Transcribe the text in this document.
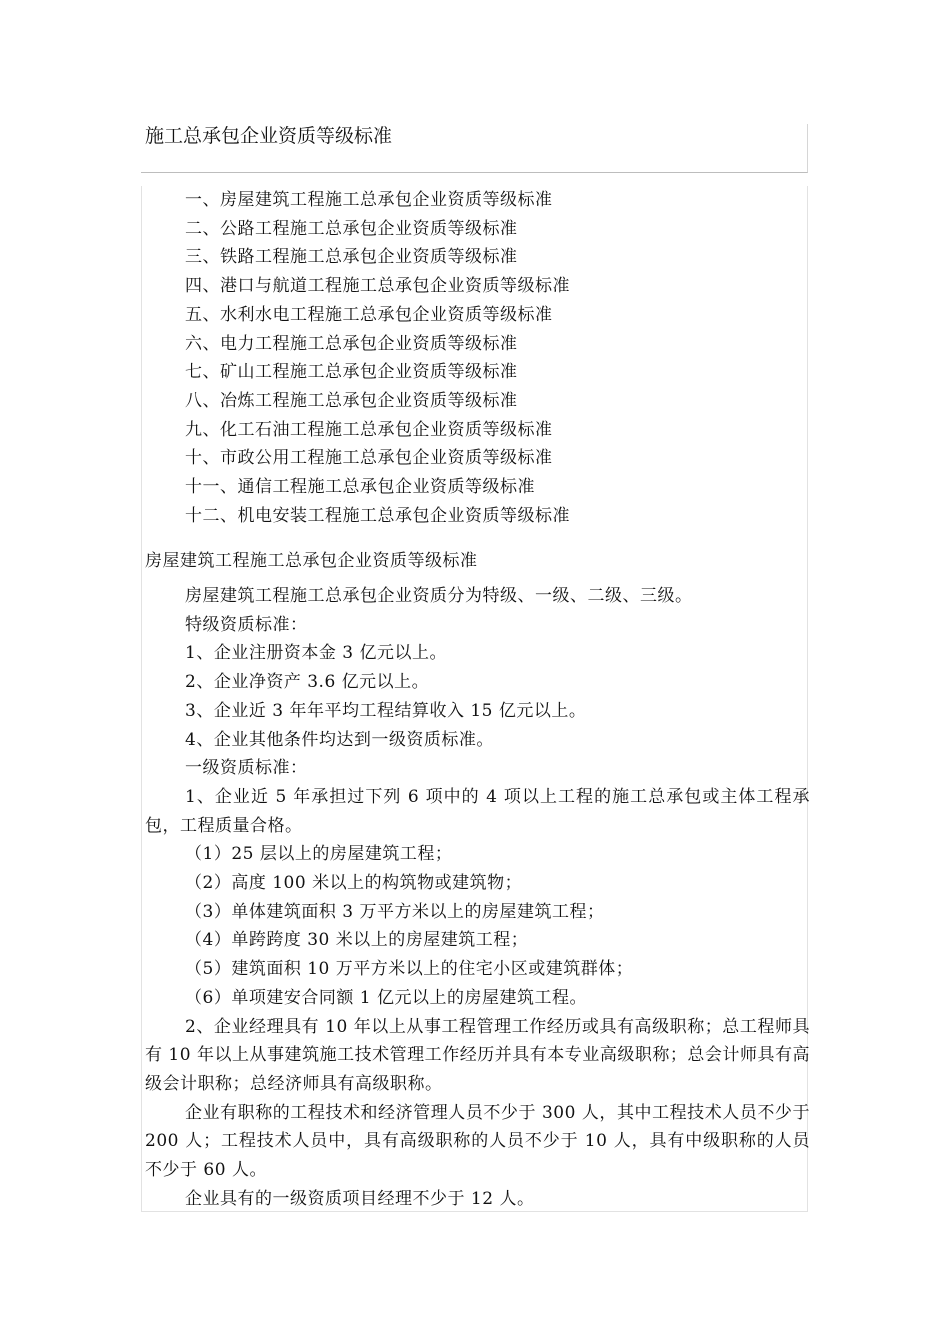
施工总承包企业资质等级标准
一、房屋建筑工程施工总承包企业资质等级标准
二、公路工程施工总承包企业资质等级标准
三、铁路工程施工总承包企业资质等级标准
四、港口与航道工程施工总承包企业资质等级标准
五、水利水电工程施工总承包企业资质等级标准
六、电力工程施工总承包企业资质等级标准
七、矿山工程施工总承包企业资质等级标准
八、冶炼工程施工总承包企业资质等级标准
九、化工石油工程施工总承包企业资质等级标准
十、市政公用工程施工总承包企业资质等级标准
十一、通信工程施工总承包企业资质等级标准
十二、机电安装工程施工总承包企业资质等级标准
房屋建筑工程施工总承包企业资质等级标准

房屋建筑工程施工总承包企业资质分为特级、一级、二级、三级。

特级资质标准：

1、企业注册资本金 3 亿元以上。

2、企业净资产 3.6 亿元以上。

3、企业近 3 年年平均工程结算收入 15 亿元以上。

4、企业其他条件均达到一级资质标准。

一级资质标准：

1、企业近 5 年承担过下列 6 项中的 4 项以上工程的施工总承包或主体工程承包，工程质量合格。

（1）25 层以上的房屋建筑工程；

（2）高度 100 米以上的构筑物或建筑物；

（3）单体建筑面积 3 万平方米以上的房屋建筑工程；

（4）单跨跨度 30 米以上的房屋建筑工程；

（5）建筑面积 10 万平方米以上的住宅小区或建筑群体；

（6）单项建安合同额 1 亿元以上的房屋建筑工程。

2、企业经理具有 10 年以上从事工程管理工作经历或具有高级职称；总工程师具有 10 年以上从事建筑施工技术管理工作经历并具有本专业高级职称；总会计师具有高级会计职称；总经济师具有高级职称。

企业有职称的工程技术和经济管理人员不少于 300 人，其中工程技术人员不少于 200 人；工程技术人员中，具有高级职称的人员不少于 10 人，具有中级职称的人员不少于 60 人。

企业具有的一级资质项目经理不少于 12 人。
